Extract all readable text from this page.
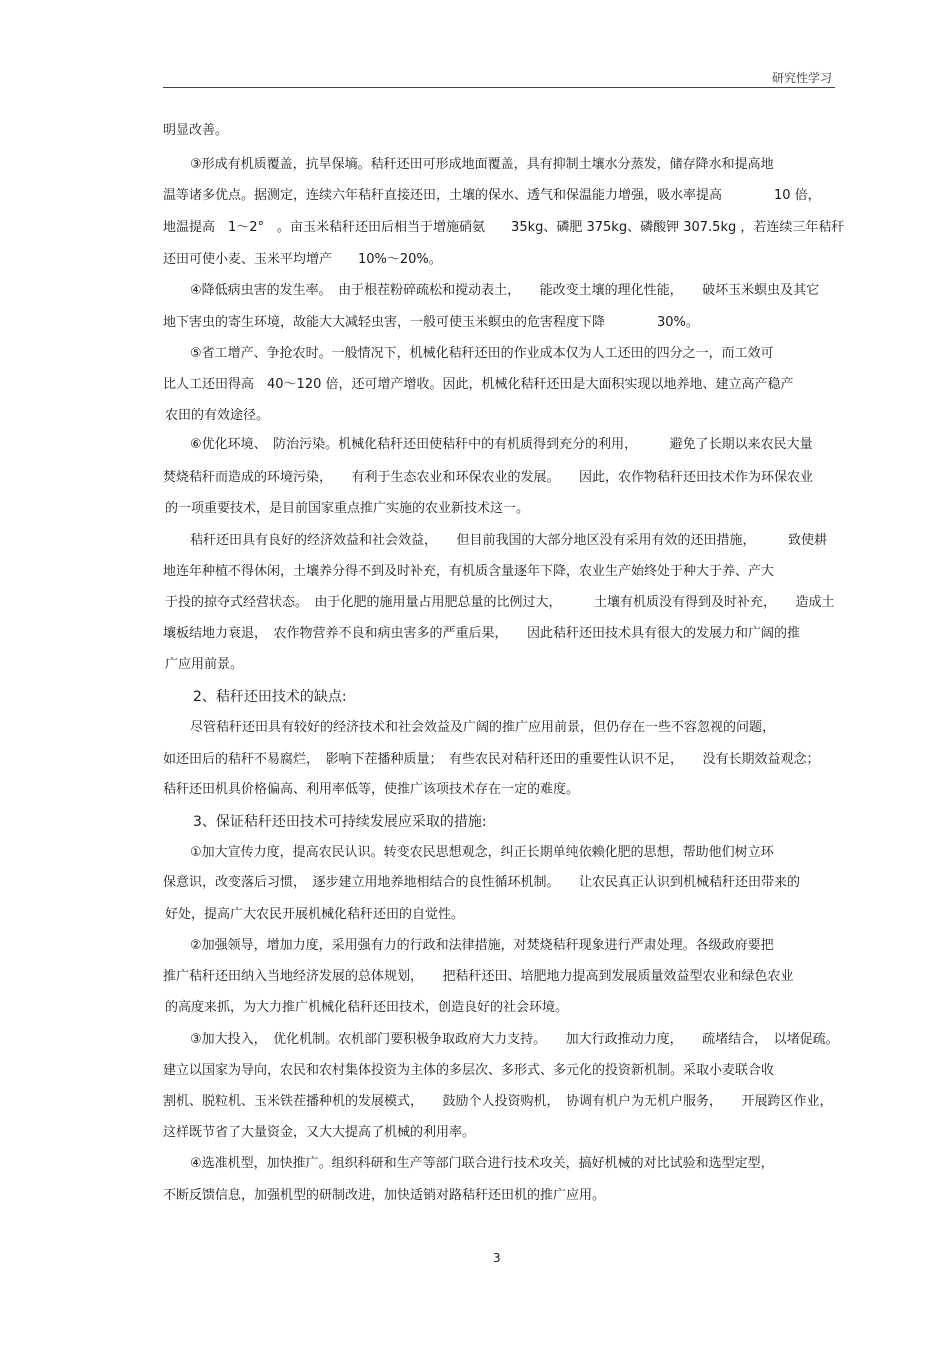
研究性学习
明显改善。
③形成有机质覆盖，抗旱保墒。秸秆还田可形成地面覆盖，具有抑制土壤水分蒸发，储存降水和提高地
温等诸多优点。据测定，连续六年秸秆直接还田，土壤的保水、透气和保温能力增强，吸水率提高　　　　10 倍，
地温提高　1～2°　。亩玉米秸秆还田后相当于增施硝氨　　35kg、磷肥 375kg、磷酸钾 307.5kg ，若连续三年秸秆
还田可使小麦、玉米平均增产　　10%～20%。
④降低病虫害的发生率。　由于根茬粉碎疏松和搅动表土，　　能改变土壤的理化性能，　　破坏玉米螟虫及其它
地下害虫的寄生环境，故能大大减轻虫害，一般可使玉米螟虫的危害程度下降　　　　30%。
⑤省工增产、争抢农时。一般情况下，机械化秸秆还田的作业成本仅为人工还田的四分之一，而工效可
比人工还田得高　40～120 倍，还可增产增收。因此，机械化秸秆还田是大面积实现以地养地、建立高产稳产
农田的有效途径。
⑥优化环境、　防治污染。机械化秸秆还田使秸秆中的有机质得到充分的利用，　　　避免了长期以来农民大量
焚烧秸秆而造成的环境污染，　　有利于生态农业和环保农业的发展。　　因此，农作物秸秆还田技术作为环保农业
的一项重要技术，是目前国家重点推广实施的农业新技术这一。
秸秆还田具有良好的经济效益和社会效益，　　但目前我国的大部分地区没有采用有效的还田措施，　　　致使耕
地连年种植不得休闲，土壤养分得不到及时补充，有机质含量逐年下降，农业生产始终处于种大于养、产大
于投的掠夺式经营状态。　由于化肥的施用量占用肥总量的比例过大，　　　土壤有机质没有得到及时补充，　　造成土
壤板结地力衰退，　农作物营养不良和病虫害多的严重后果，　　因此秸秆还田技术具有很大的发展力和广阔的推
广应用前景。
2、秸秆还田技术的缺点:
尽管秸秆还田具有较好的经济技术和社会效益及广阔的推广应用前景，但仍存在一些不容忽视的问题，
如还田后的秸秆不易腐烂，　影响下茬播种质量；　有些农民对秸秆还田的重要性认识不足，　　没有长期效益观念；
秸秆还田机具价格偏高、利用率低等，使推广该项技术存在一定的难度。
3、保证秸秆还田技术可持续发展应采取的措施:
①加大宣传力度，提高农民认识。转变农民思想观念，纠正长期单纯依赖化肥的思想，帮助他们树立环
保意识，改变落后习惯，　逐步建立用地养地相结合的良性循环机制。　　让农民真正认识到机械秸秆还田带来的
好处，提高广大农民开展机械化秸秆还田的自觉性。
②加强领导，增加力度，采用强有力的行政和法律措施，对焚烧秸秆现象进行严肃处理。各级政府要把
推广秸秆还田纳入当地经济发展的总体规划，　　把秸秆还田、培肥地力提高到发展质量效益型农业和绿色农业
的高度来抓，为大力推广机械化秸秆还田技术，创造良好的社会环境。
③加大投入，　优化机制。农机部门要积极争取政府大力支持。　　加大行政推动力度，　　疏堵结合，　以堵促疏。
建立以国家为导向，农民和农村集体投资为主体的多层次、多形式、多元化的投资新机制。采取小麦联合收
割机、脱粒机、玉米铁茬播种机的发展模式，　　鼓励个人投资购机，　协调有机户为无机户服务，　　开展跨区作业，
这样既节省了大量资金，又大大提高了机械的利用率。
④选准机型，加快推广。组织科研和生产等部门联合进行技术攻关，搞好机械的对比试验和选型定型，
不断反馈信息，加强机型的研制改进，加快适销对路秸秆还田机的推广应用。
3
